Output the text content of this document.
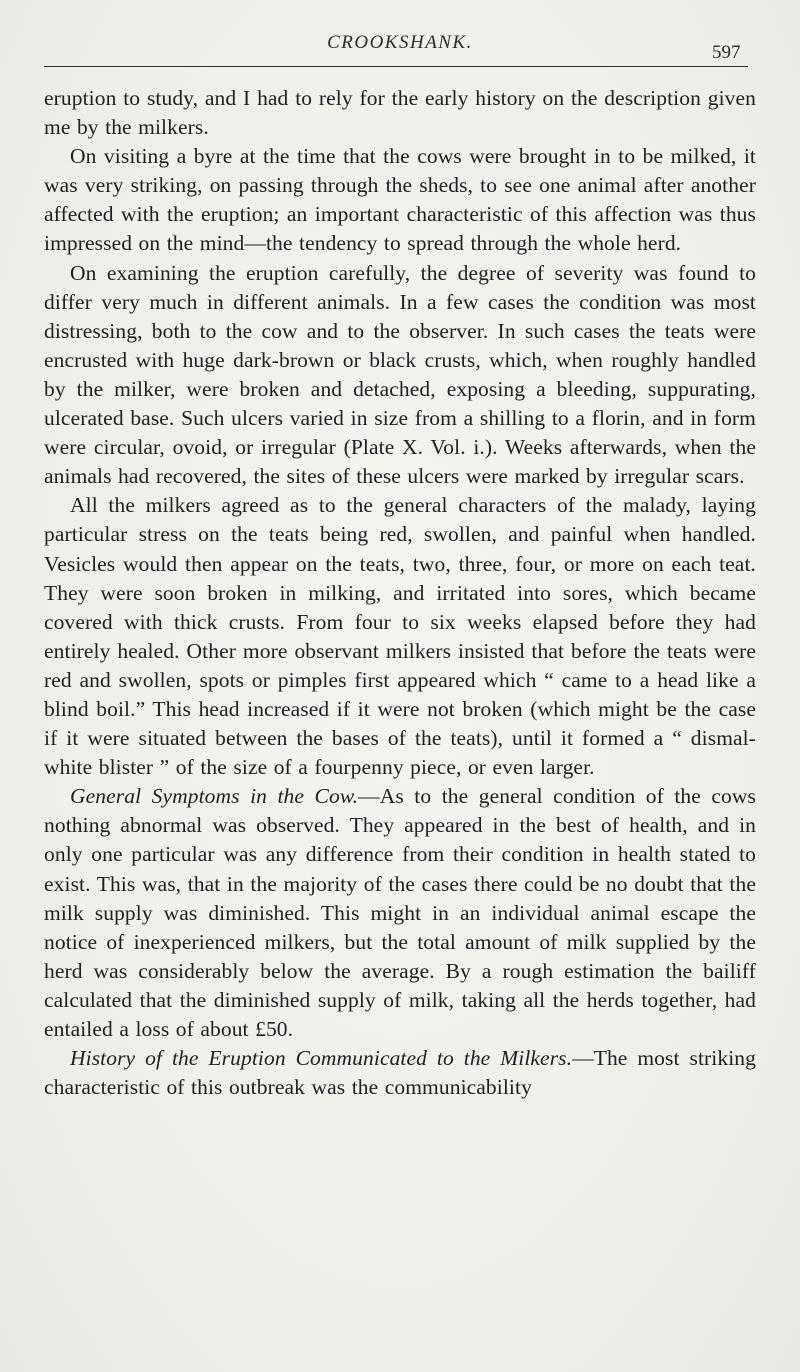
CROOKSHANK.	597

eruption to study, and I had to rely for the early history on the description given me by the milkers.

On visiting a byre at the time that the cows were brought in to be milked, it was very striking, on passing through the sheds, to see one animal after another affected with the eruption; an important characteristic of this affection was thus impressed on the mind—the tendency to spread through the whole herd.

On examining the eruption carefully, the degree of severity was found to differ very much in different animals. In a few cases the condition was most distressing, both to the cow and to the observer. In such cases the teats were encrusted with huge dark-brown or black crusts, which, when roughly handled by the milker, were broken and detached, exposing a bleeding, suppurating, ulcerated base. Such ulcers varied in size from a shilling to a florin, and in form were circular, ovoid, or irregular (Plate X. Vol. i.). Weeks afterwards, when the animals had recovered, the sites of these ulcers were marked by irregular scars.

All the milkers agreed as to the general characters of the malady, laying particular stress on the teats being red, swollen, and painful when handled. Vesicles would then appear on the teats, two, three, four, or more on each teat. They were soon broken in milking, and irritated into sores, which became covered with thick crusts. From four to six weeks elapsed before they had entirely healed. Other more observant milkers insisted that before the teats were red and swollen, spots or pimples first appeared which “ came to a head like a blind boil.” This head increased if it were not broken (which might be the case if it were situated between the bases of the teats), until it formed a “ dismal-white blister ” of the size of a fourpenny piece, or even larger.

General Symptoms in the Cow.—As to the general condition of the cows nothing abnormal was observed. They appeared in the best of health, and in only one particular was any difference from their condition in health stated to exist. This was, that in the majority of the cases there could be no doubt that the milk supply was diminished. This might in an individual animal escape the notice of inexperienced milkers, but the total amount of milk supplied by the herd was considerably below the average. By a rough estimation the bailiff calculated that the diminished supply of milk, taking all the herds together, had entailed a loss of about £50.

History of the Eruption Communicated to the Milkers.—The most striking characteristic of this outbreak was the communicability
